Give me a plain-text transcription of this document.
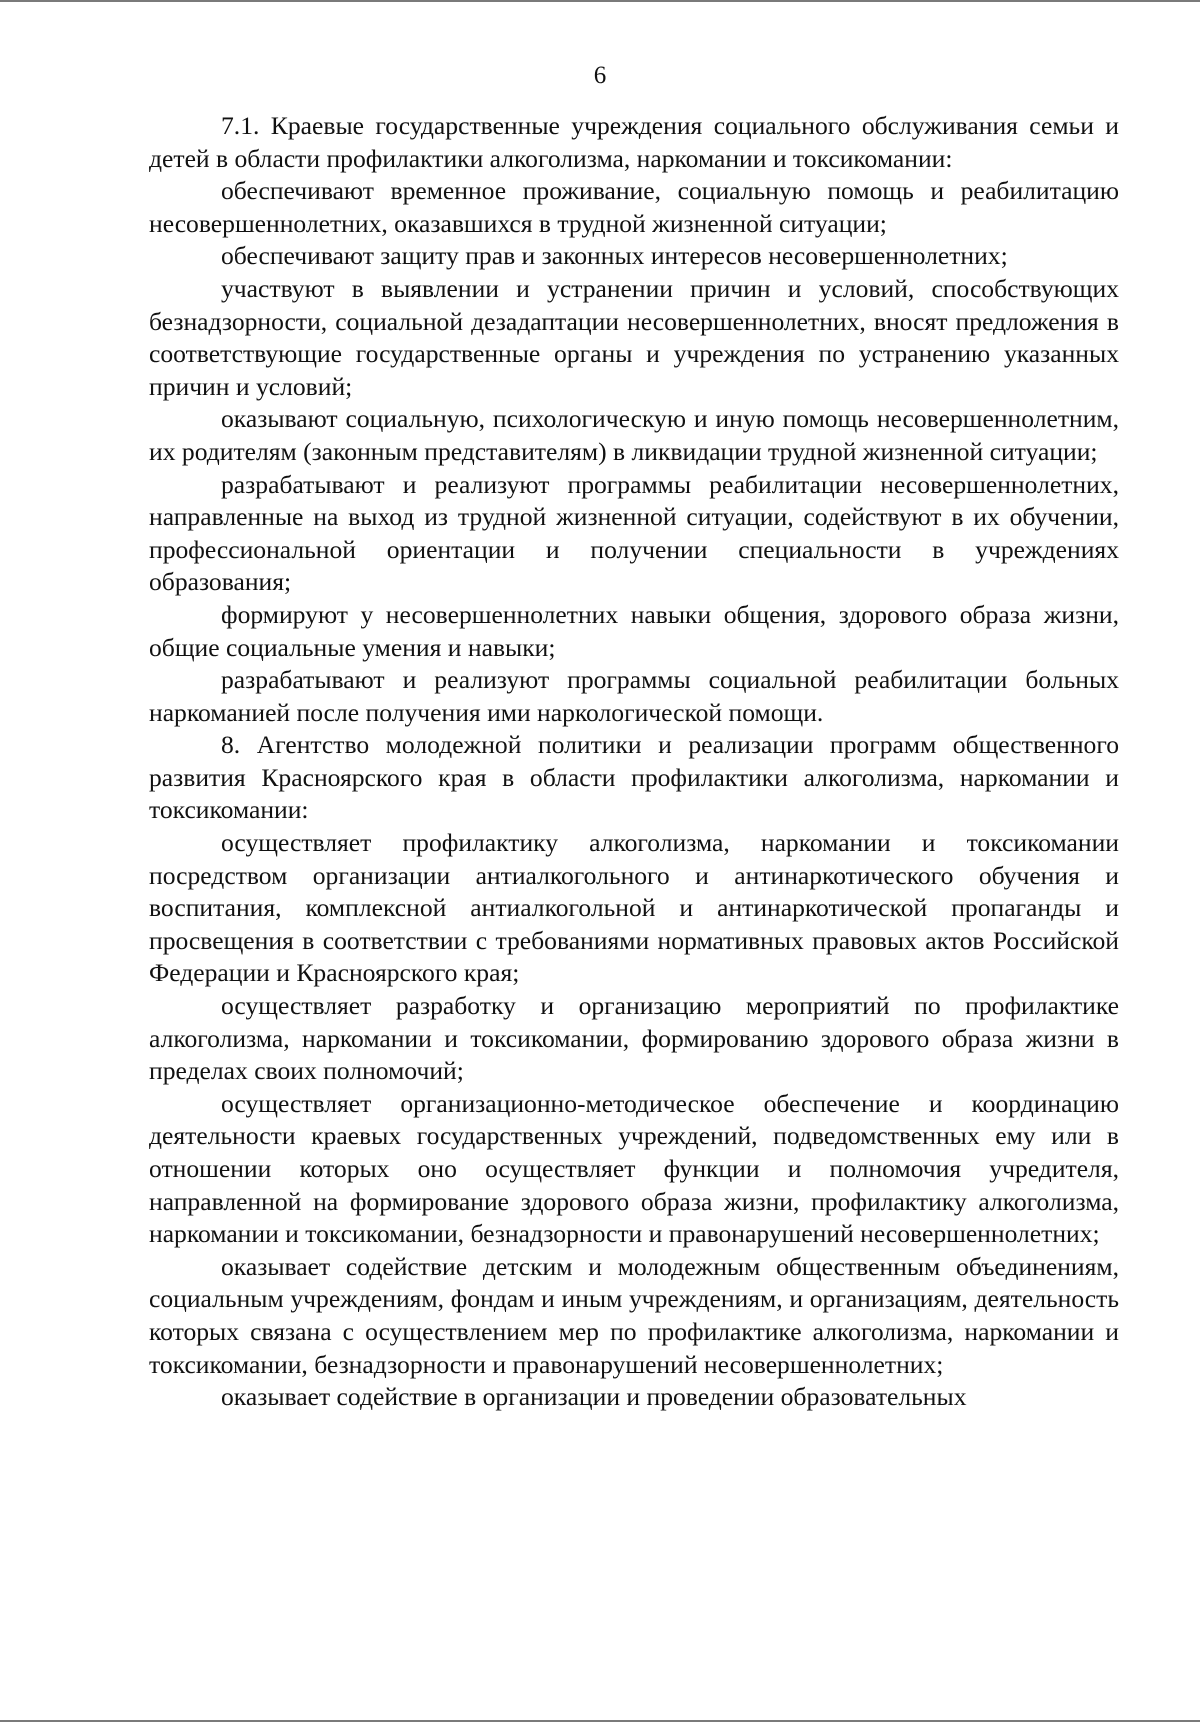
6

7.1. Краевые государственные учреждения социального обслуживания семьи и детей в области профилактики алкоголизма, наркомании и токсикомании:

обеспечивают временное проживание, социальную помощь и реабилитацию несовершеннолетних, оказавшихся в трудной жизненной ситуации;

обеспечивают защиту прав и законных интересов несовершеннолетних;

участвуют в выявлении и устранении причин и условий, способствующих безнадзорности, социальной дезадаптации несовершеннолетних, вносят предложения в соответствующие государственные органы и учреждения по устранению указанных причин и условий;

оказывают социальную, психологическую и иную помощь несовершеннолетним, их родителям (законным представителям) в ликвидации трудной жизненной ситуации;

разрабатывают и реализуют программы реабилитации несовершеннолетних, направленные на выход из трудной жизненной ситуации, содействуют в их обучении, профессиональной ориентации и получении специальности в учреждениях образования;

формируют у несовершеннолетних навыки общения, здорового образа жизни, общие социальные умения и навыки;

разрабатывают и реализуют программы социальной реабилитации больных наркоманией после получения ими наркологической помощи.

8. Агентство молодежной политики и реализации программ общественного развития Красноярского края в области профилактики алкоголизма, наркомании и токсикомании:

осуществляет профилактику алкоголизма, наркомании и токсикомании посредством организации антиалкогольного и антинаркотического обучения и воспитания, комплексной антиалкогольной и антинаркотической пропаганды и просвещения в соответствии с требованиями нормативных правовых актов Российской Федерации и Красноярского края;

осуществляет разработку и организацию мероприятий по профилактике алкоголизма, наркомании и токсикомании, формированию здорового образа жизни в пределах своих полномочий;

осуществляет организационно-методическое обеспечение и координацию деятельности краевых государственных учреждений, подведомственных ему или в отношении которых оно осуществляет функции и полномочия учредителя, направленной на формирование здорового образа жизни, профилактику алкоголизма, наркомании и токсикомании, безнадзорности и правонарушений несовершеннолетних;

оказывает содействие детским и молодежным общественным объединениям, социальным учреждениям, фондам и иным учреждениям, и организациям, деятельность которых связана с осуществлением мер по профилактике алкоголизма, наркомании и токсикомании, безнадзорности и правонарушений несовершеннолетних;

оказывает содействие в организации и проведении образовательных
